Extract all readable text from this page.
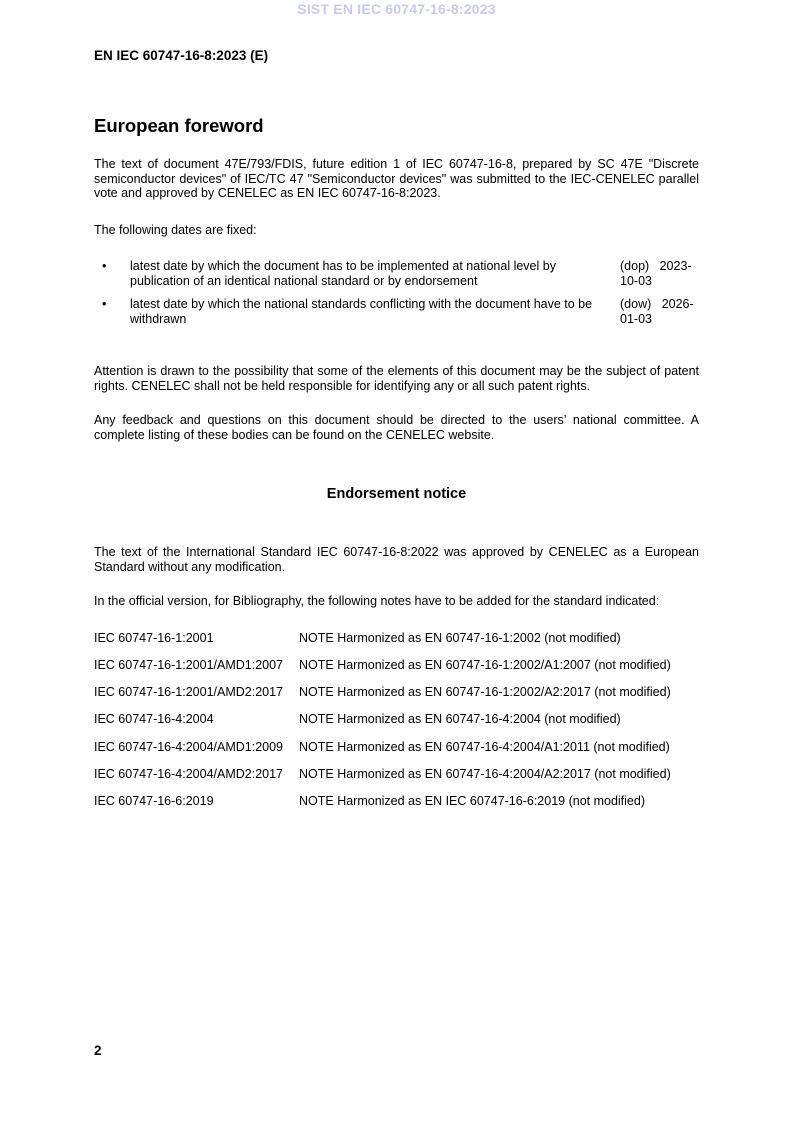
SIST EN IEC 60747-16-8:2023
EN IEC 60747-16-8:2023 (E)
European foreword
The text of document 47E/793/FDIS, future edition 1 of IEC 60747-16-8, prepared by SC 47E "Discrete semiconductor devices" of IEC/TC 47 "Semiconductor devices" was submitted to the IEC-CENELEC parallel vote and approved by CENELEC as EN IEC 60747-16-8:2023.
The following dates are fixed:
• latest date by which the document has to be implemented at national level by publication of an identical national standard or by endorsement
(dop) 2023-10-03
• latest date by which the national standards conflicting with the document have to be withdrawn
(dow) 2026-01-03
Attention is drawn to the possibility that some of the elements of this document may be the subject of patent rights. CENELEC shall not be held responsible for identifying any or all such patent rights.
Any feedback and questions on this document should be directed to the users’ national committee. A complete listing of these bodies can be found on the CENELEC website.
Endorsement notice
The text of the International Standard IEC 60747-16-8:2022 was approved by CENELEC as a European Standard without any modification.
In the official version, for Bibliography, the following notes have to be added for the standard indicated:
IEC 60747-16-1:2001	NOTE Harmonized as EN 60747-16-1:2002 (not modified)
IEC 60747-16-1:2001/AMD1:2007 NOTE Harmonized as EN 60747-16-1:2002/A1:2007 (not modified)
IEC 60747-16-1:2001/AMD2:2017 NOTE Harmonized as EN 60747-16-1:2002/A2:2017 (not modified)
IEC 60747-16-4:2004	NOTE Harmonized as EN 60747-16-4:2004 (not modified)
IEC 60747-16-4:2004/AMD1:2009 NOTE Harmonized as EN 60747-16-4:2004/A1:2011 (not modified)
IEC 60747-16-4:2004/AMD2:2017 NOTE Harmonized as EN 60747-16-4:2004/A2:2017 (not modified)
IEC 60747-16-6:2019	NOTE Harmonized as EN IEC 60747-16-6:2019 (not modified)
2
